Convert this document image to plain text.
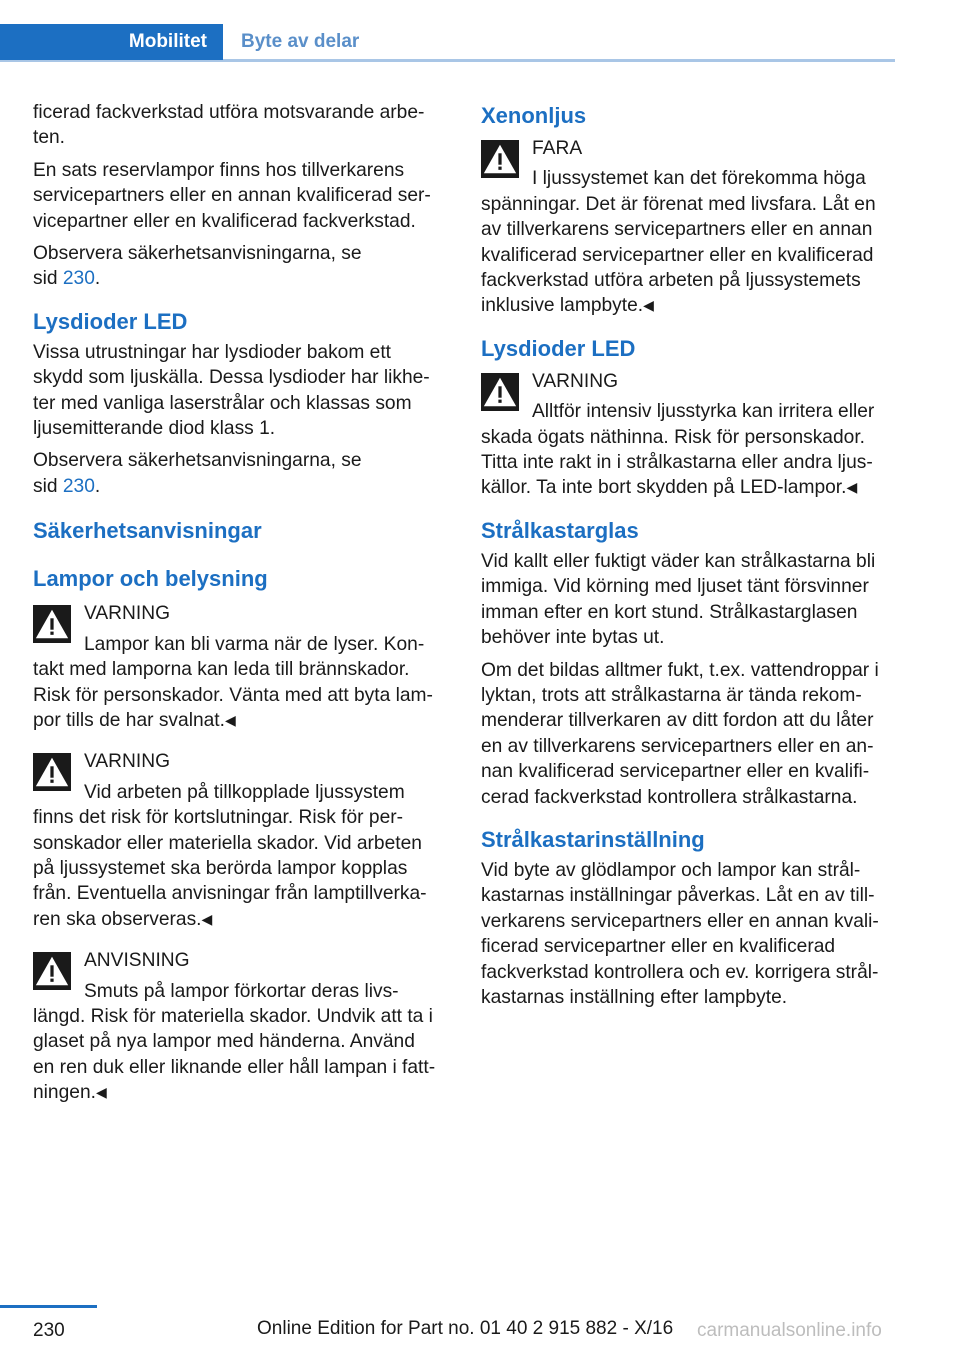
Mobilitet	Byte av delar
ficerad fackverkstad utföra motsvarande arbe-
ten.
En sats reservlampor finns hos tillverkarens
servicepartners eller en annan kvalificerad ser-
vicepartner eller en kvalificerad fackverkstad.
Observera säkerhetsanvisningarna, se
sid 230.
Lysdioder LED
Vissa utrustningar har lysdioder bakom ett
skydd som ljuskälla. Dessa lysdioder har likhe-
ter med vanliga laserstrålar och klassas som
ljusemitterande diod klass 1.
Observera säkerhetsanvisningarna, se
sid 230.
Säkerhetsanvisningar
Lampor och belysning
VARNING
Lampor kan bli varma när de lyser. Kon-
takt med lamporna kan leda till brännskador.
Risk för personskador. Vänta med att byta lam-
por tills de har svalnat.◀
VARNING
Vid arbeten på tillkopplade ljussystem
finns det risk för kortslutningar. Risk för per-
sonskador eller materiella skador. Vid arbeten
på ljussystemet ska berörda lampor kopplas
från. Eventuella anvisningar från lamptillverka-
ren ska observeras.◀
ANVISNING
Smuts på lampor förkortar deras livs-
längd. Risk för materiella skador. Undvik att ta i
glaset på nya lampor med händerna. Använd
en ren duk eller liknande eller håll lampan i fatt-
ningen.◀
Xenonljus
FARA
I ljussystemet kan det förekomma höga
spänningar. Det är förenat med livsfara. Låt en
av tillverkarens servicepartners eller en annan
kvalificerad servicepartner eller en kvalificerad
fackverkstad utföra arbeten på ljussystemets
inklusive lampbyte.◀
Lysdioder LED
VARNING
Alltför intensiv ljusstyrka kan irritera eller
skada ögats näthinna. Risk för personskador.
Titta inte rakt in i strålkastarna eller andra ljus-
källor. Ta inte bort skydden på LED-lampor.◀
Strålkastarglas
Vid kallt eller fuktigt väder kan strålkastarna bli
immiga. Vid körning med ljuset tänt försvinner
imman efter en kort stund. Strålkastarglasen
behöver inte bytas ut.
Om det bildas alltmer fukt, t.ex. vattendroppar i
lyktan, trots att strålkastarna är tända rekom-
menderar tillverkaren av ditt fordon att du låter
en av tillverkarens servicepartners eller en an-
nan kvalificerad servicepartner eller en kvalifi-
cerad fackverkstad kontrollera strålkastarna.
Strålkastarinställning
Vid byte av glödlampor och lampor kan strål-
kastarnas inställningar påverkas. Låt en av till-
verkarens servicepartners eller en annan kvali-
ficerad servicepartner eller en kvalificerad
fackverkstad kontrollera och ev. korrigera strål-
kastarnas inställning efter lampbyte.
230	Online Edition for Part no. 01 40 2 915 882 - X/16 carmanualsonline.info
